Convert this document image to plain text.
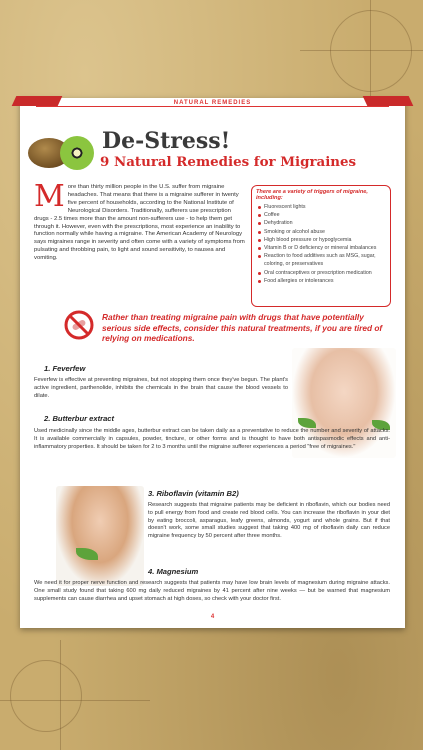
NATURAL REMEDIES
De-Stress!
9 Natural Remedies for Migraines
More than thirty million people in the U.S. suffer from migraine headaches. That means that there is a migraine sufferer in twenty five percent of households, according to the National Institute of Neurological Disorders. Traditionally, sufferers use prescription drugs - 2.5 times more than the amount non-sufferers use - to help them get through it. However, even with the prescriptions, most experience an inability to function normally while having a migraine. The American Academy of Neurology says migraines range in severity and often come with a variety of symptoms from pulsating and throbbing pain, to light and sound sensitivity, to nausea and vomiting.
There are a variety of triggers of migraine, including:
Fluorescent lights
Coffee
Dehydration
Smoking or alcohol abuse
High blood pressure or hypoglycemia
Vitamin B or D deficiency or mineral imbalances
Reaction to food additives such as MSG, sugar, coloring, or preservatives
Oral contraceptives or prescription medication
Food allergies or intolerances
Rather than treating migraine pain with drugs that have potentially serious side effects, consider this natural treatments, if you are tired of relying on medications.
1. Feverfew
Feverfew is effective at preventing migraines, but not stopping them once they've begun. The plant's active ingredient, parthenolide, inhibits the chemicals in the brain that cause the blood vessels to dilate.
2. Butterbur extract
Used medicinally since the middle ages, butterbur extract can be taken daily as a preventative to reduce the number and severity of attacks. It is available commercially in capsules, powder, tincture, or other forms and is thought to have both antispasmodic effects and anti-inflammatory properties. It should be taken for 2 to 3 months until the migraine sufferer experiences a period "free of migraines."
3. Riboflavin (vitamin B2)
Research suggests that migraine patients may be deficient in riboflavin, which our bodies need to pull energy from food and create red blood cells. You can increase the riboflavin in your diet by eating broccoli, asparagus, leafy greens, almonds, yogurt and whole grains. But if that doesn't work, some small studies suggest that taking 400 mg of riboflavin daily can reduce migraine frequency by 50 percent after three months.
4. Magnesium
We need it for proper nerve function and research suggests that patients may have low brain levels of magnesium during migraine attacks. One small study found that taking 600 mg daily reduced migraines by 41 percent after nine weeks — but be warned that magnesium supplements can cause diarrhea and upset stomach at high doses, so check with your doctor first.
4
